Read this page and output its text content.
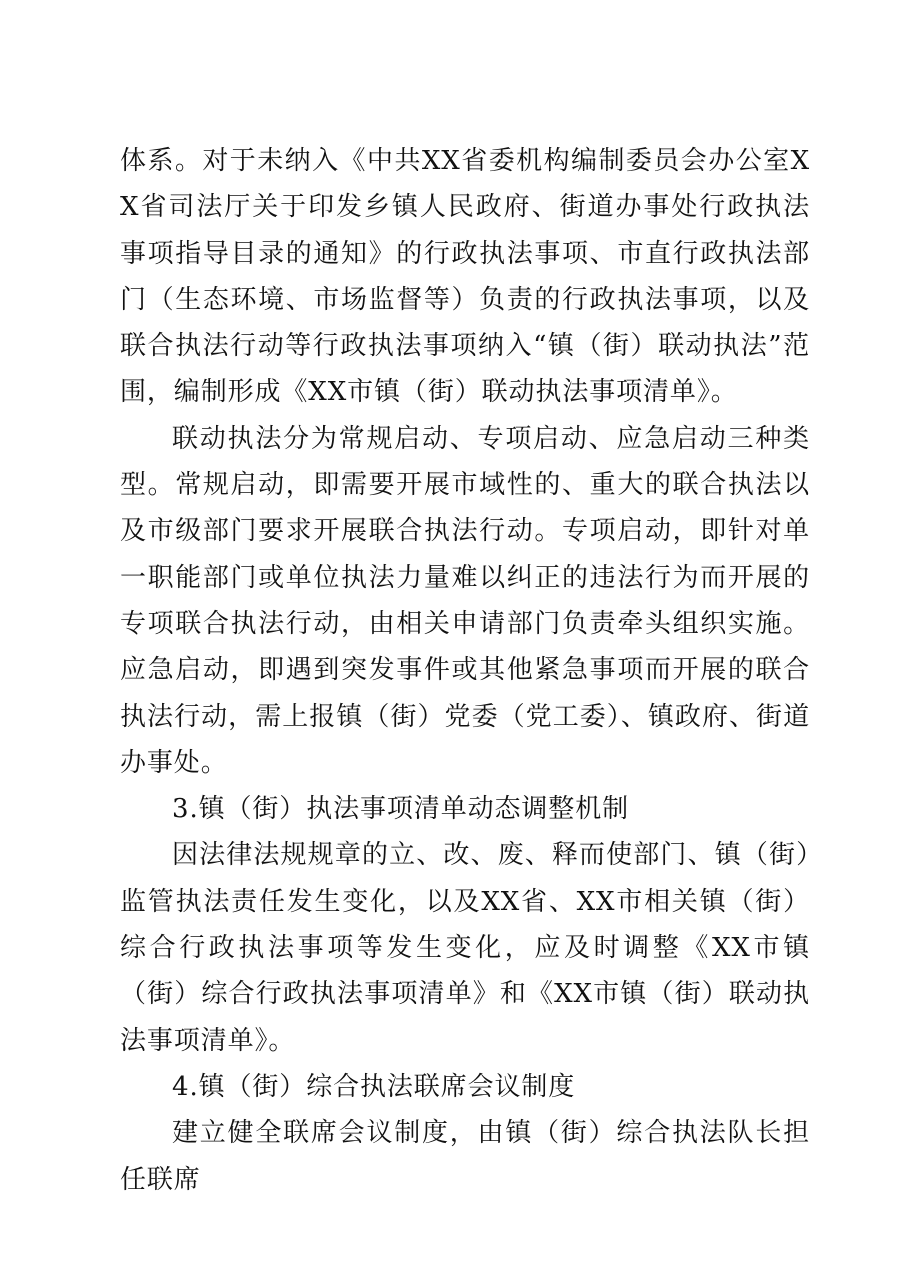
体系。对于未纳入《中共XX省委机构编制委员会办公室XX省司法厅关于印发乡镇人民政府、街道办事处行政执法事项指导目录的通知》的行政执法事项、市直行政执法部门（生态环境、市场监督等）负责的行政执法事项，以及联合执法行动等行政执法事项纳入“镇（街）联动执法”范围，编制形成《XX市镇（街）联动执法事项清单》。

联动执法分为常规启动、专项启动、应急启动三种类型。常规启动，即需要开展市域性的、重大的联合执法以及市级部门要求开展联合执法行动。专项启动，即针对单一职能部门或单位执法力量难以纠正的违法行为而开展的专项联合执法行动，由相关申请部门负责牵头组织实施。应急启动，即遇到突发事件或其他紧急事项而开展的联合执法行动，需上报镇（街）党委（党工委）、镇政府、街道办事处。

3.镇（街）执法事项清单动态调整机制

因法律法规规章的立、改、废、释而使部门、镇（街）监管执法责任发生变化，以及XX省、XX市相关镇（街）综合行政执法事项等发生变化，应及时调整《XX市镇（街）综合行政执法事项清单》和《XX市镇（街）联动执法事项清单》。

4.镇（街）综合执法联席会议制度

建立健全联席会议制度，由镇（街）综合执法队长担任联席
